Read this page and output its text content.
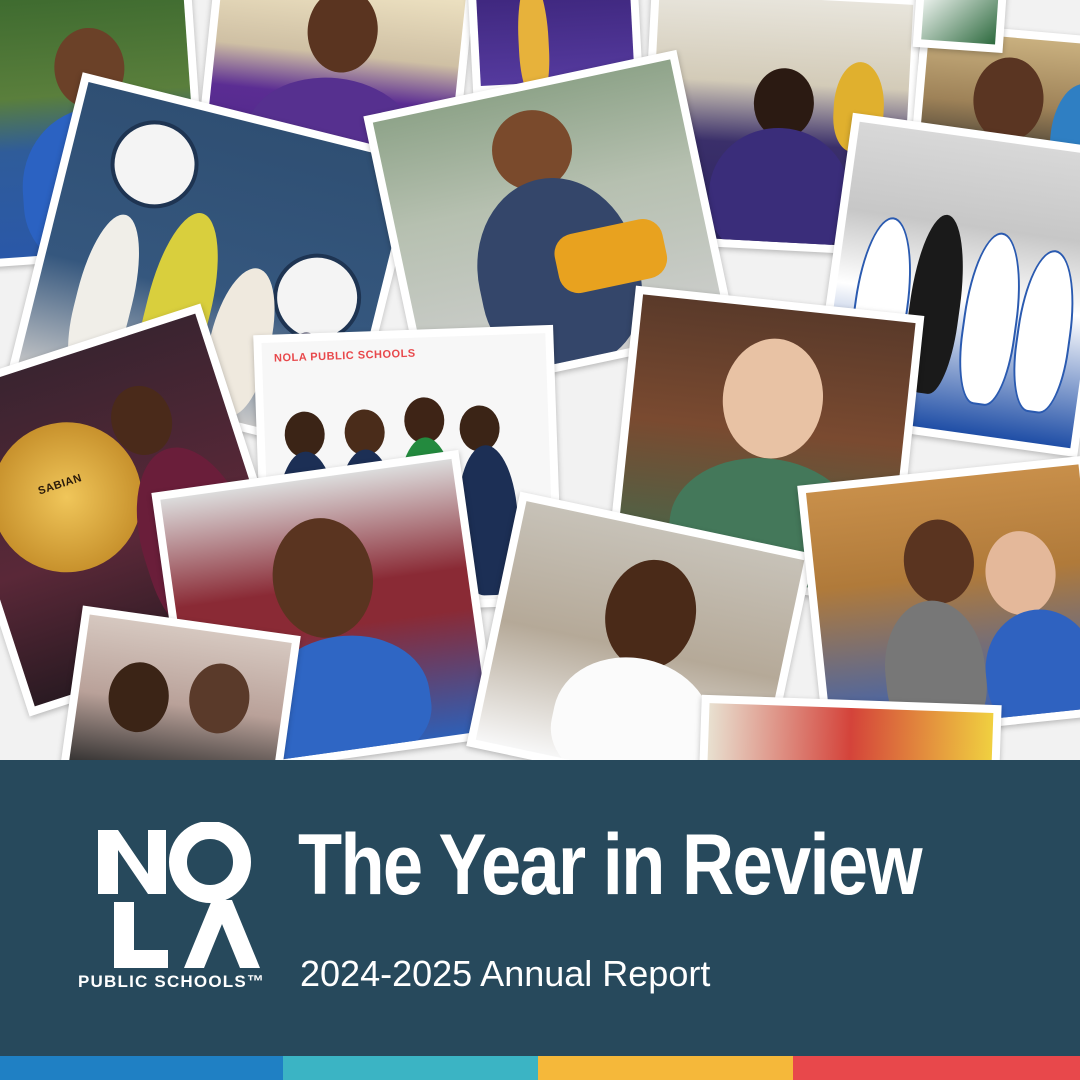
NOLA PUBLIC SCHOOLS
SABIAN
PUBLIC SCHOOLS™
The Year in Review
2024-2025 Annual Report
